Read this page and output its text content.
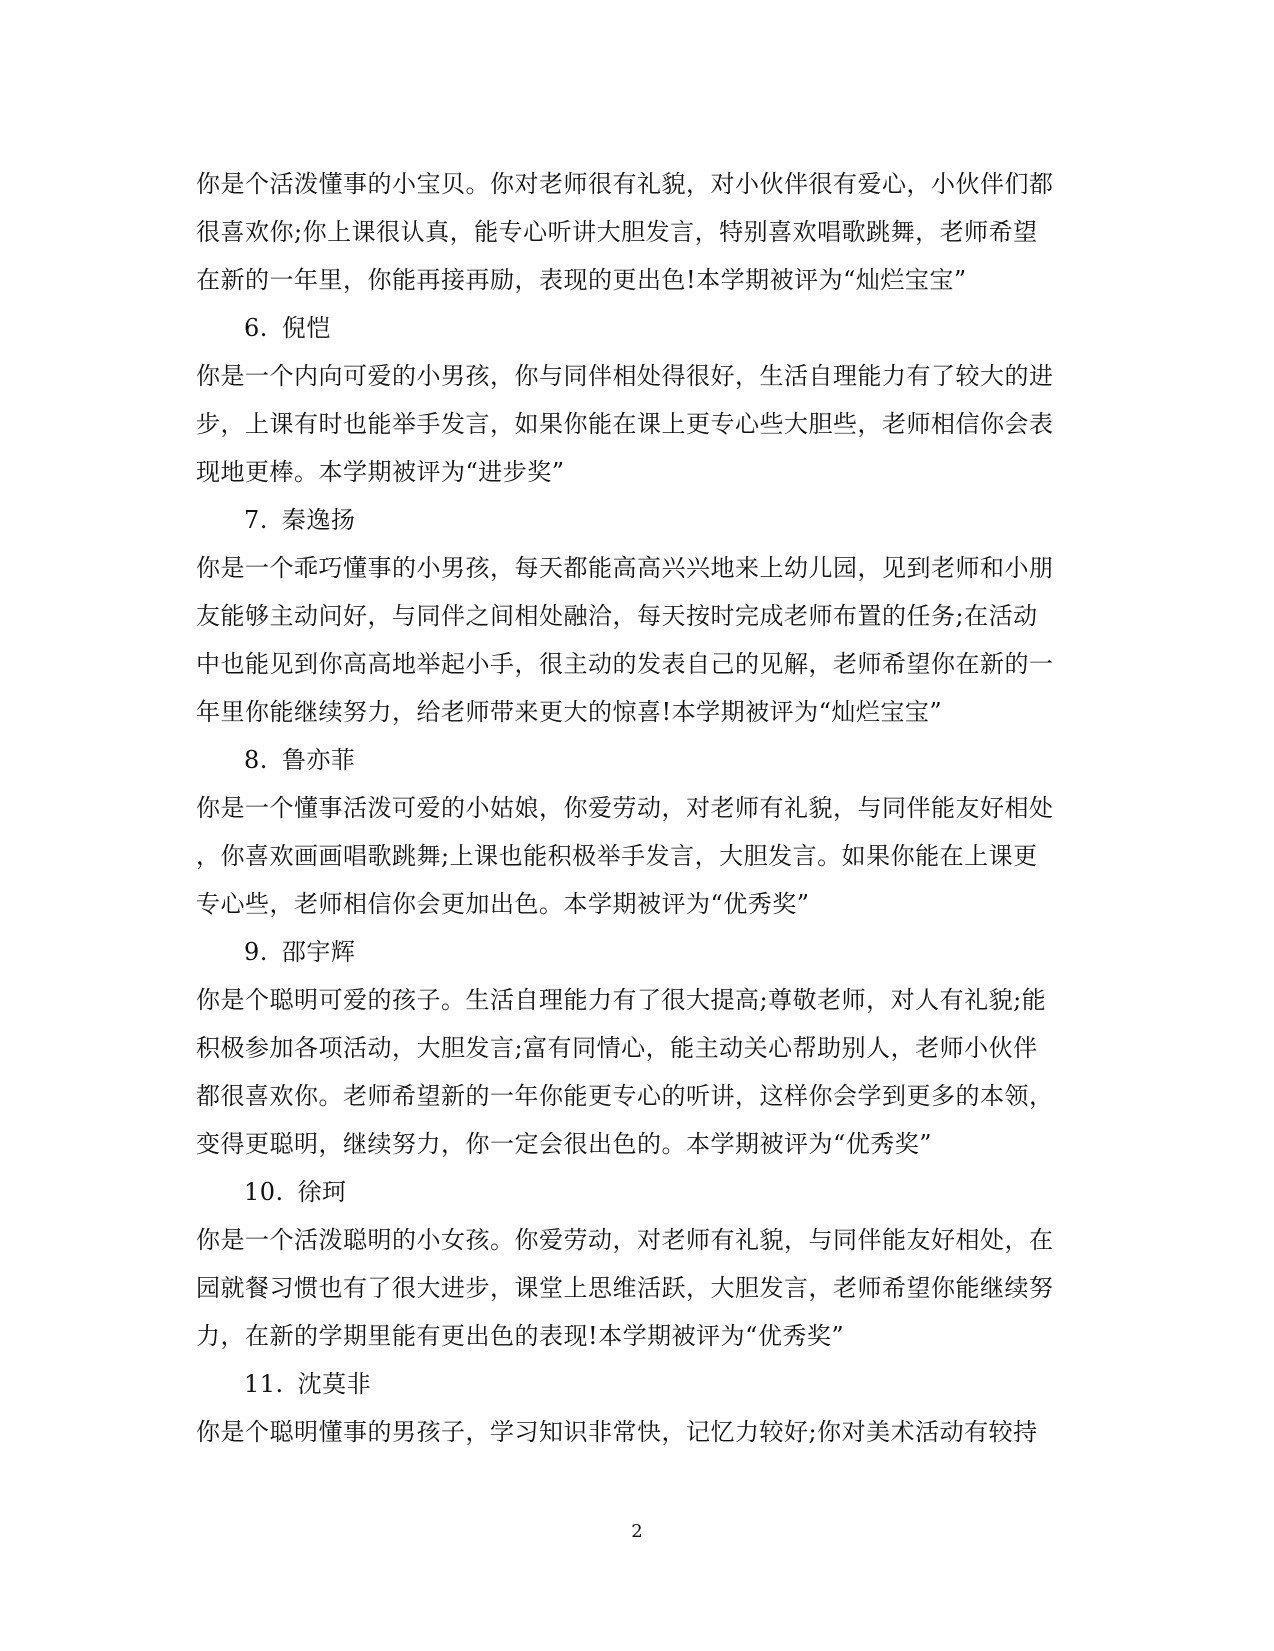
你是个活泼懂事的小宝贝。你对老师很有礼貌，对小伙伴很有爱心，小伙伴们都
很喜欢你;你上课很认真，能专心听讲大胆发言，特别喜欢唱歌跳舞，老师希望
在新的一年里，你能再接再励，表现的更出色!本学期被评为“灿烂宝宝”
6. 倪恺
你是一个内向可爱的小男孩，你与同伴相处得很好，生活自理能力有了较大的进
步，上课有时也能举手发言，如果你能在课上更专心些大胆些，老师相信你会表
现地更棒。本学期被评为“进步奖”
7. 秦逸扬
你是一个乖巧懂事的小男孩，每天都能高高兴兴地来上幼儿园，见到老师和小朋
友能够主动问好，与同伴之间相处融洽，每天按时完成老师布置的任务;在活动
中也能见到你高高地举起小手，很主动的发表自己的见解，老师希望你在新的一
年里你能继续努力，给老师带来更大的惊喜!本学期被评为“灿烂宝宝”
8. 鲁亦菲
你是一个懂事活泼可爱的小姑娘，你爱劳动，对老师有礼貌，与同伴能友好相处
，你喜欢画画唱歌跳舞;上课也能积极举手发言，大胆发言。如果你能在上课更
专心些，老师相信你会更加出色。本学期被评为“优秀奖”
9. 邵宇辉
你是个聪明可爱的孩子。生活自理能力有了很大提高;尊敬老师，对人有礼貌;能
积极参加各项活动，大胆发言;富有同情心，能主动关心帮助别人，老师小伙伴
都很喜欢你。老师希望新的一年你能更专心的听讲，这样你会学到更多的本领，
变得更聪明，继续努力，你一定会很出色的。本学期被评为“优秀奖”
10. 徐珂
你是一个活泼聪明的小女孩。你爱劳动，对老师有礼貌，与同伴能友好相处，在
园就餐习惯也有了很大进步，课堂上思维活跃，大胆发言，老师希望你能继续努
力，在新的学期里能有更出色的表现!本学期被评为“优秀奖”
11. 沈莫非
你是个聪明懂事的男孩子，学习知识非常快，记忆力较好;你对美术活动有较持
2
